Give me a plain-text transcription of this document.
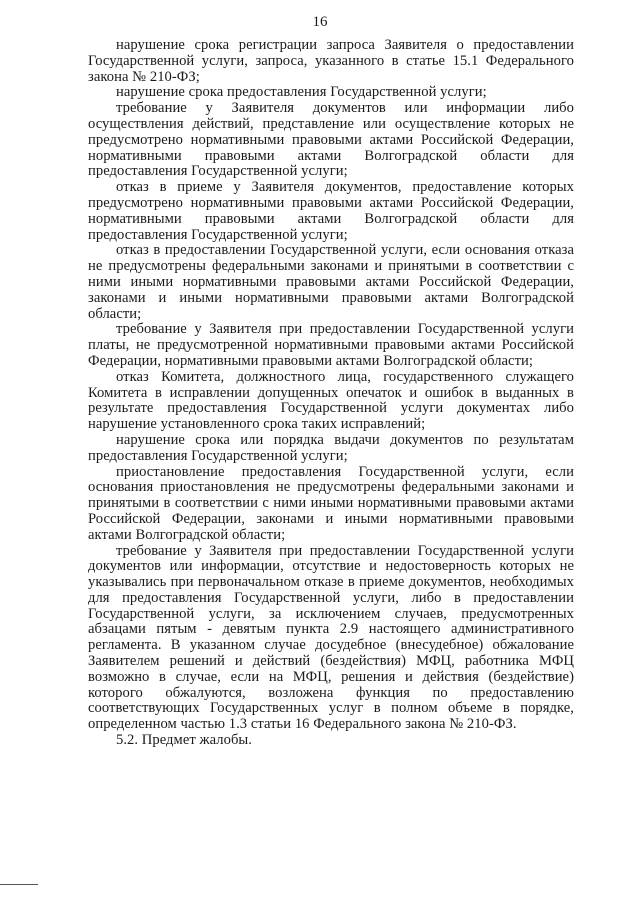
16

нарушение срока регистрации запроса Заявителя о предоставлении Государственной услуги, запроса, указанного в статье 15.1 Федерального закона № 210-ФЗ;

нарушение срока предоставления Государственной услуги;

требование у Заявителя документов или информации либо осуществления действий, представление или осуществление которых не предусмотрено нормативными правовыми актами Российской Федерации, нормативными правовыми актами Волгоградской области для предоставления Государственной услуги;

отказ в приеме у Заявителя документов, предоставление которых предусмотрено нормативными правовыми актами Российской Федерации, нормативными правовыми актами Волгоградской области для предоставления Государственной услуги;

отказ в предоставлении Государственной услуги, если основания отказа не предусмотрены федеральными законами и принятыми в соответствии с ними иными нормативными правовыми актами Российской Федерации, законами и иными нормативными правовыми актами Волгоградской области;

требование у Заявителя при предоставлении Государственной услуги платы, не предусмотренной нормативными правовыми актами Российской Федерации, нормативными правовыми актами Волгоградской области;

отказ Комитета, должностного лица, государственного служащего Комитета в исправлении допущенных опечаток и ошибок в выданных в результате предоставления Государственной услуги документах либо нарушение установленного срока таких исправлений;

нарушение срока или порядка выдачи документов по результатам предоставления Государственной услуги;

приостановление предоставления Государственной услуги, если основания приостановления не предусмотрены федеральными законами и принятыми в соответствии с ними иными нормативными правовыми актами Российской Федерации, законами и иными нормативными правовыми актами Волгоградской области;

требование у Заявителя при предоставлении Государственной услуги документов или информации, отсутствие и недостоверность которых не указывались при первоначальном отказе в приеме документов, необходимых для предоставления Государственной услуги, либо в предоставлении Государственной услуги, за исключением случаев, предусмотренных абзацами пятым - девятым пункта 2.9 настоящего административного регламента. В указанном случае досудебное (внесудебное) обжалование Заявителем решений и действий (бездействия) МФЦ, работника МФЦ возможно в случае, если на МФЦ, решения и действия (бездействие) которого обжалуются, возложена функция по предоставлению соответствующих Государственных услуг в полном объеме в порядке, определенном частью 1.3 статьи 16 Федерального закона № 210-ФЗ.

5.2. Предмет жалобы.
